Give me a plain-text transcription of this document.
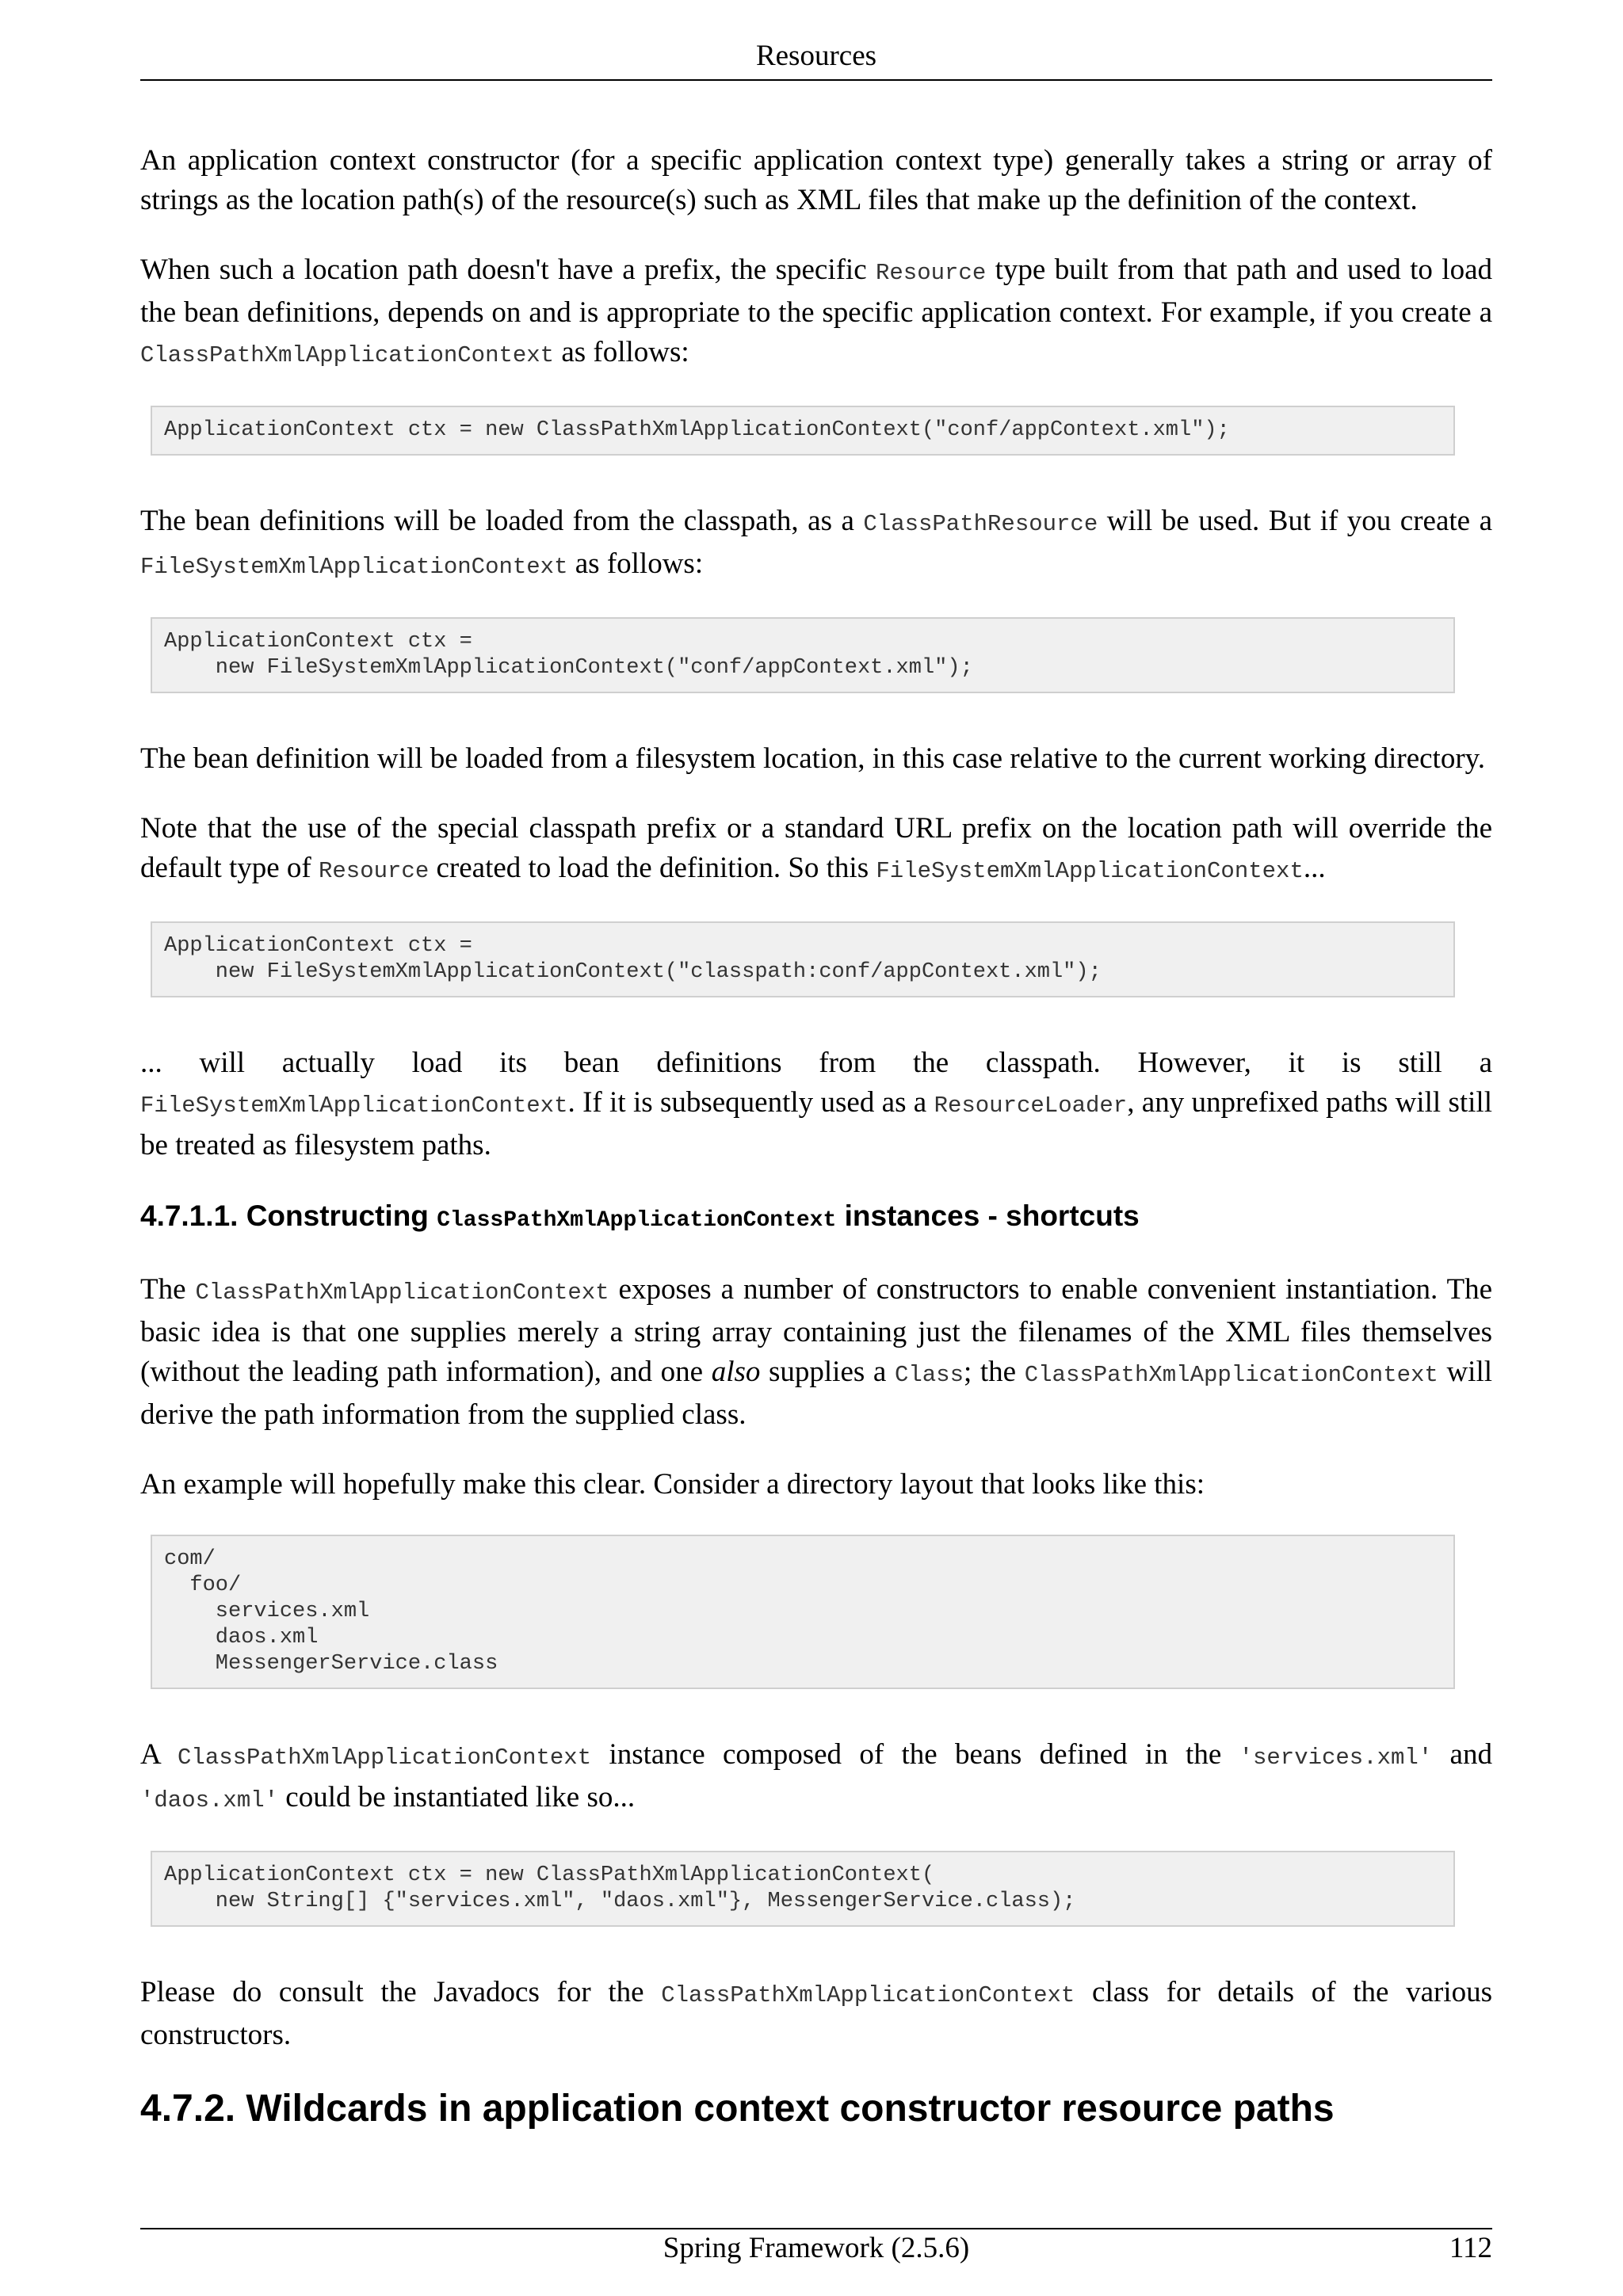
Resources

An application context constructor (for a specific application context type) generally takes a string or array of strings as the location path(s) of the resource(s) such as XML files that make up the definition of the context.

When such a location path doesn't have a prefix, the specific Resource type built from that path and used to load the bean definitions, depends on and is appropriate to the specific application context. For example, if you create a ClassPathXmlApplicationContext as follows:

ApplicationContext ctx = new ClassPathXmlApplicationContext("conf/appContext.xml");

The bean definitions will be loaded from the classpath, as a ClassPathResource will be used. But if you create a FileSystemXmlApplicationContext as follows:

ApplicationContext ctx =
new FileSystemXmlApplicationContext("conf/appContext.xml");

The bean definition will be loaded from a filesystem location, in this case relative to the current working directory.

Note that the use of the special classpath prefix or a standard URL prefix on the location path will override the default type of Resource created to load the definition. So this FileSystemXmlApplicationContext...

ApplicationContext ctx =
new FileSystemXmlApplicationContext("classpath:conf/appContext.xml");

... will actually load its bean definitions from the classpath. However, it is still a

FileSystemXmlApplicationContext. If it is subsequently used as a ResourceLoader, any unprefixed paths will still be treated as filesystem paths.

4.7.1.1. Constructing ClassPathXmlApplicationContext instances - shortcuts

The ClassPathXmlApplicationContext exposes a number of constructors to enable convenient instantiation. The basic idea is that one supplies merely a string array containing just the filenames of the XML files themselves (without the leading path information), and one also supplies a Class; the ClassPathXmlApplicationContext will derive the path information from the supplied class.

An example will hopefully make this clear. Consider a directory layout that looks like this:

com/
foo/
services.xml
daos.xml
MessengerService.class

A ClassPathXmlApplicationContext instance composed of the beans defined in the 'services.xml' and 'daos.xml' could be instantiated like so...

ApplicationContext ctx = new ClassPathXmlApplicationContext(
new String[] {"services.xml", "daos.xml"}, MessengerService.class);

Please do consult the Javadocs for the ClassPathXmlApplicationContext class for details of the various constructors.

4.7.2. Wildcards in application context constructor resource paths
Spring Framework (2.5.6)	112
